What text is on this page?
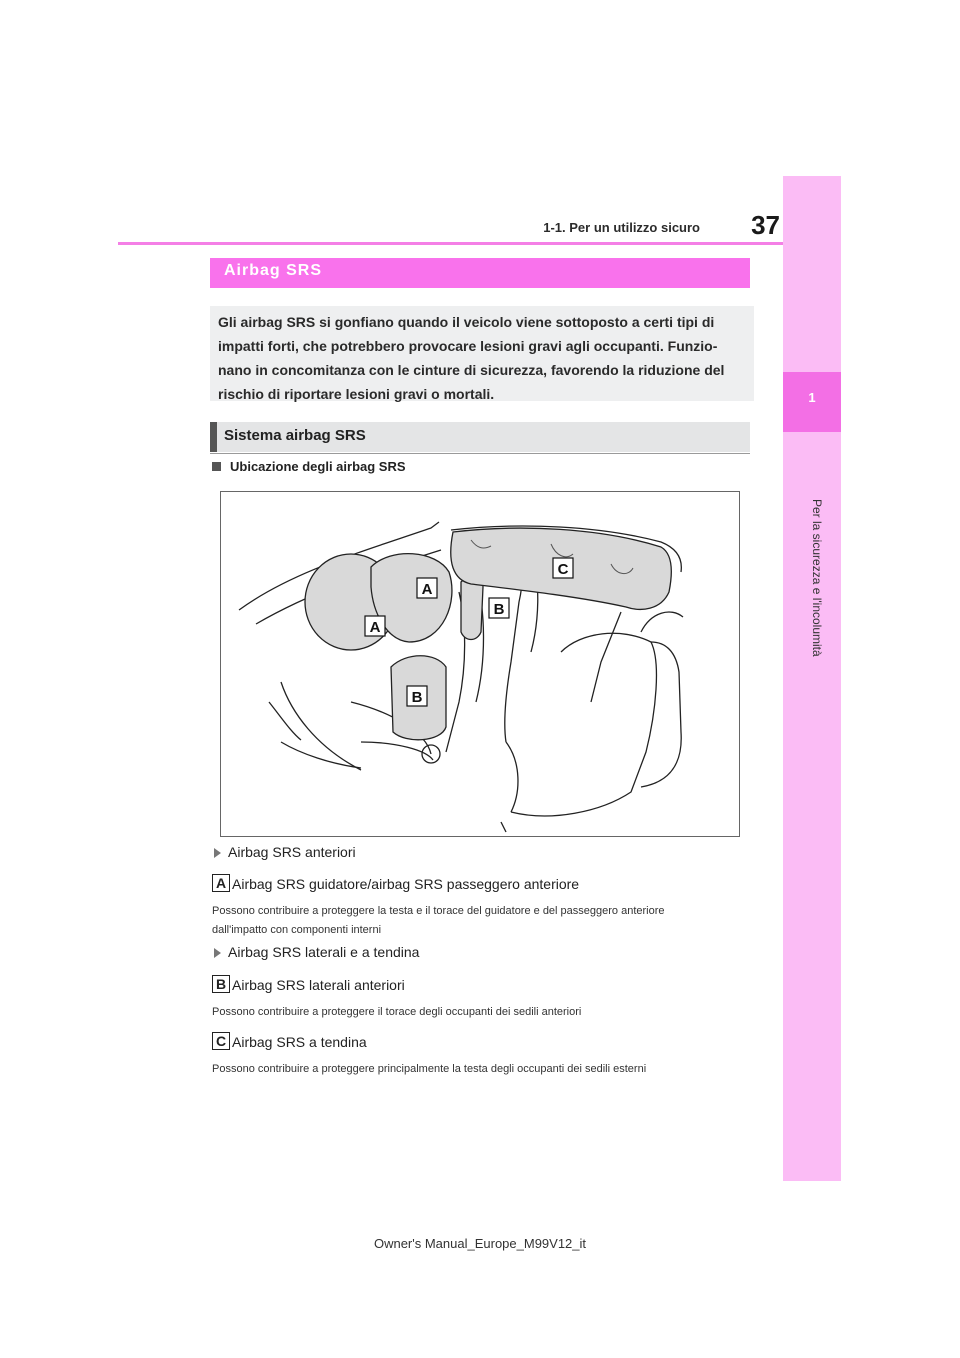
1-1. Per un utilizzo sicuro	37
1
Per la sicurezza e l'incolumità
Airbag SRS
Gli airbag SRS si gonfiano quando il veicolo viene sottoposto a certi tipi di impatti forti, che potrebbero provocare lesioni gravi agli occupanti. Funzio-nano in concomitanza con le cinture di sicurezza, favorendo la riduzione del rischio di riportare lesioni gravi o mortali.
Sistema airbag SRS
Ubicazione degli airbag SRS
A
A
B
B
C
Airbag SRS anteriori
A Airbag SRS guidatore/airbag SRS passeggero anteriore
Possono contribuire a proteggere la testa e il torace del guidatore e del passeggero anteriore
dall'impatto con componenti interni
Airbag SRS laterali e a tendina
B Airbag SRS laterali anteriori
Possono contribuire a proteggere il torace degli occupanti dei sedili anteriori
C Airbag SRS a tendina
Possono contribuire a proteggere principalmente la testa degli occupanti dei sedili esterni
Owner's Manual_Europe_M99V12_it
